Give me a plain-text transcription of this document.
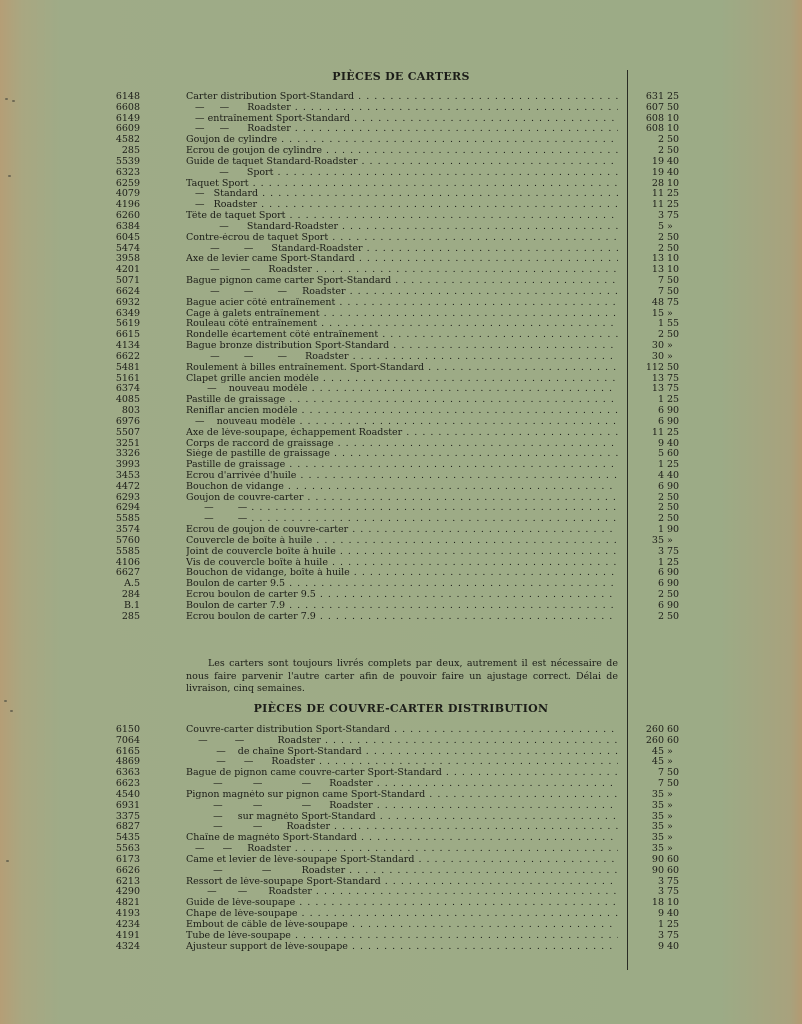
PIÈCES DE CARTERS
6148	Carter distribution Sport-Standard . . .	631 25
6608	—     —      Roadster . . .	607 50
6149	— entraînement Sport-Standard . . .	608 10
6609	—     —      Roadster . . .	608 10
4582	Goujon de cylindre . . .	2 50
285	Ecrou de goujon de cylindre . . .	2 50
5539	Guide de taquet Standard-Roadster . . .	19 40
6323	—      Sport . . .	19 40
6259	Taquet Sport . . .	28 10
4079	—   Standard . . .	11 25
4196	—   Roadster . . .	11 25
6260	Tête de taquet Sport . . .	3 75
6384	—      Standard-Roadster . . .	5 »
6045	Contre-écrou de taquet Sport . . .	2 50
5474	—        —      Standard-Roadster . . .	2 50
3958	Axe de levier came Sport-Standard . . .	13 10
4201	—       —      Roadster . . .	13 10
5071	Bague pignon came carter Sport-Standard . . .	7 50
6624	—        —        —     Roadster . . .	7 50
6932	Bague acier côté entraînement . . .	48 75
6349	Cage à galets entraînement . . .	15 »
5619	Rouleau côté entraînement . . .	1 55
6615	Rondelle écartement côté entraînement . . .	2 50
4134	Bague bronze distribution Sport-Standard . . .	30 »
6622	—        —        —      Roadster . . .	30 »
5481	Roulement à billes entraînement. Sport-Standard . . .	112 50
5161	Clapet grille ancien modèle . . .	13 75
6374	—    nouveau modèle . . .	13 75
4085	Pastille de graissage . . .	1 25
803	Reniflar ancien modèle . . .	6 90
6976	—    nouveau modèle . . .	6 90
5507	Axe de lève-soupape, échappement Roadster . . .	11 25
3251	Corps de raccord de graissage . . .	9 40
3326	Siège de pastille de graissage . . .	5 60
3993	Pastille de graissage . . .	1 25
3453	Ecrou d'arrivée d'huile . . .	4 40
4472	Bouchon de vidange . . .	6 90
6293	Goujon de couvre-carter . . .	2 50
6294	—        — . . .	2 50
5585	—        — . . .	2 50
3574	Ecrou de goujon de couvre-carter . . .	1 90
5760	Couvercle de boîte à huile . . .	35 »
5585	Joint de couvercle boîte à huile . . .	3 75
4106	Vis de couvercle boîte à huile . . .	1 25
6627	Bouchon de vidange, boîte à huile . . .	6 90
A.5	Boulon de carter 9.5 . . .	6 90
284	Ecrou boulon de carter 9.5 . . .	2 50
B.1	Boulon de carter 7.9 . . .	6 90
285	Ecrou boulon de carter 7.9 . . .	2 50
Les carters sont toujours livrés complets par deux, autrement il est nécessaire de nous faire parvenir l'autre carter afin de pouvoir faire un ajustage correct. Délai de livraison, cinq semaines.
PIÈCES DE COUVRE-CARTER DISTRIBUTION
6150	Couvre-carter distribution Sport-Standard . . .	260 60
7064	—         —           Roadster . . .	260 60
6165	—    de chaîne Sport-Standard . . .	45 »
4869	—      —      Roadster . . .	45 »
6363	Bague de pignon came couvre-carter Sport-Standard . . .	7 50
6623	—          —             —      Roadster . . .	7 50
4540	Pignon magnéto sur pignon came Sport-Standard . . .	35 »
6931	—          —             —      Roadster . . .	35 »
3375	—     sur magnéto Sport-Standard . . .	35 »
6827	—          —        Roadster . . .	35 »
5435	Chaîne de magnéto Sport-Standard . . .	35 »
5563	—      —     Roadster . . .	35 »
6173	Came et levier de lève-soupape Sport-Standard . . .	90 60
6626	—             —          Roadster . . .	90 60
6213	Ressort de lève-soupape Sport-Standard . . .	3 75
4290	—       —       Roadster . . .	3 75
4821	Guide de lève-soupape . . .	18 10
4193	Chape de lève-soupape . . .	9 40
4234	Embout de câble de lève-soupape . . .	1 25
4191	Tube de lève-soupape . . .	3 75
4324	Ajusteur support de lève-soupape . . .	9 40
